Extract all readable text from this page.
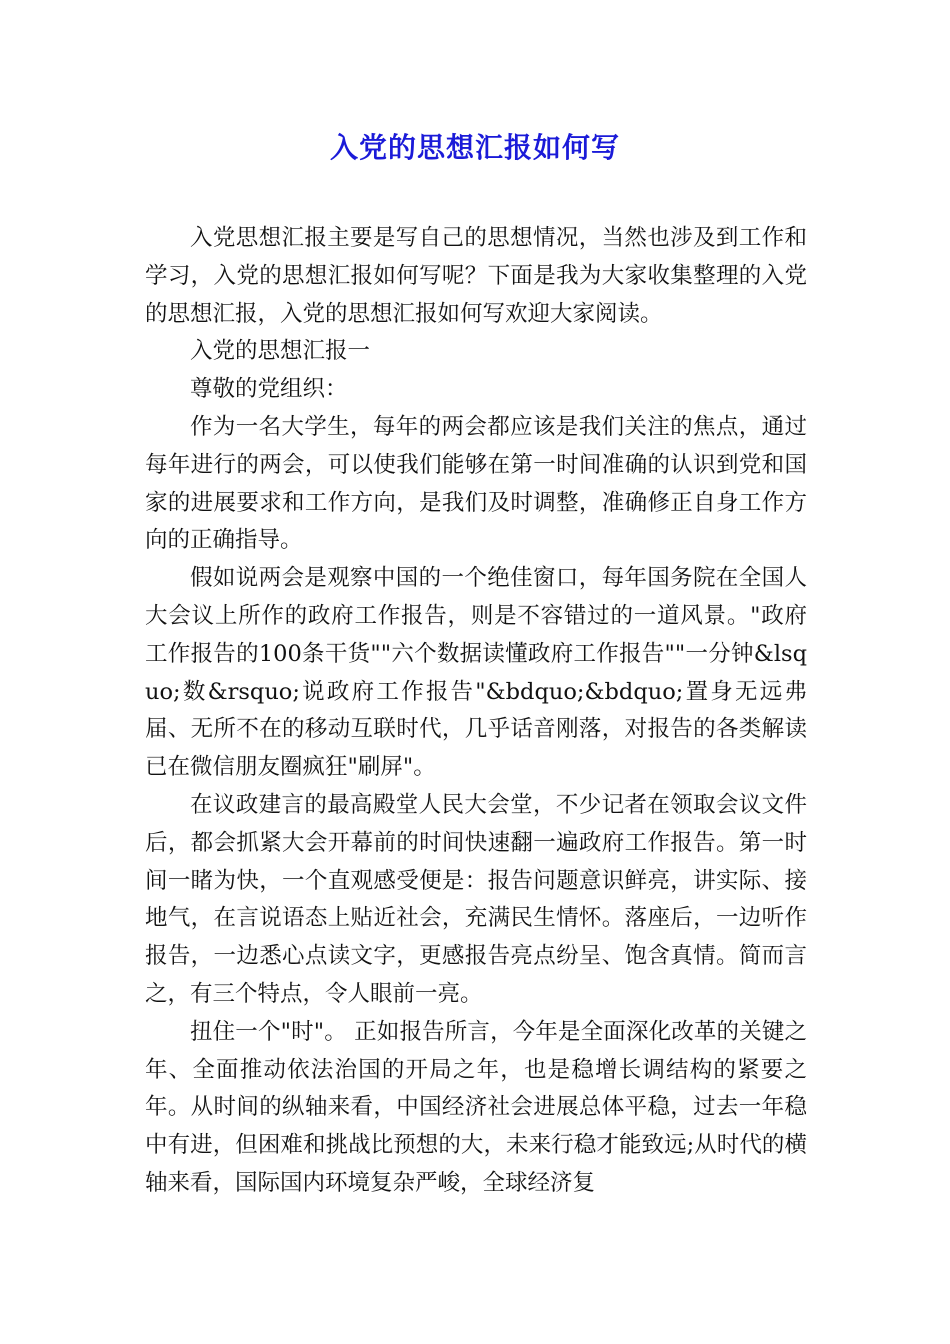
入党的思想汇报如何写

入党思想汇报主要是写自己的思想情况，当然也涉及到工作和学习，入党的思想汇报如何写呢？下面是我为大家收集整理的入党的思想汇报，入党的思想汇报如何写欢迎大家阅读。

入党的思想汇报一

尊敬的党组织：

作为一名大学生，每年的两会都应该是我们关注的焦点，通过每年进行的两会，可以使我们能够在第一时间准确的认识到党和国家的进展要求和工作方向，是我们及时调整，准确修正自身工作方向的正确指导。

假如说两会是观察中国的一个绝佳窗口，每年国务院在全国人大会议上所作的政府工作报告，则是不容错过的一道风景。"政府工作报告的100条干货""六个数据读懂政府工作报告""一分钟&lsquo;数&rsquo;说政府工作报告"&bdquo;&bdquo;置身无远弗届、无所不在的移动互联时代，几乎话音刚落，对报告的各类解读已在微信朋友圈疯狂"刷屏"。

在议政建言的最高殿堂人民大会堂，不少记者在领取会议文件后，都会抓紧大会开幕前的时间快速翻一遍政府工作报告。第一时间一睹为快，一个直观感受便是：报告问题意识鲜亮，讲实际、接地气，在言说语态上贴近社会，充满民生情怀。落座后，一边听作报告，一边悉心点读文字，更感报告亮点纷呈、饱含真情。简而言之，有三个特点，令人眼前一亮。

扭住一个"时"。 正如报告所言，今年是全面深化改革的关键之年、全面推动依法治国的开局之年，也是稳增长调结构的紧要之年。从时间的纵轴来看，中国经济社会进展总体平稳，过去一年稳中有进，但困难和挑战比预想的大，未来行稳才能致远;从时代的横轴来看，国际国内环境复杂严峻，全球经济复
